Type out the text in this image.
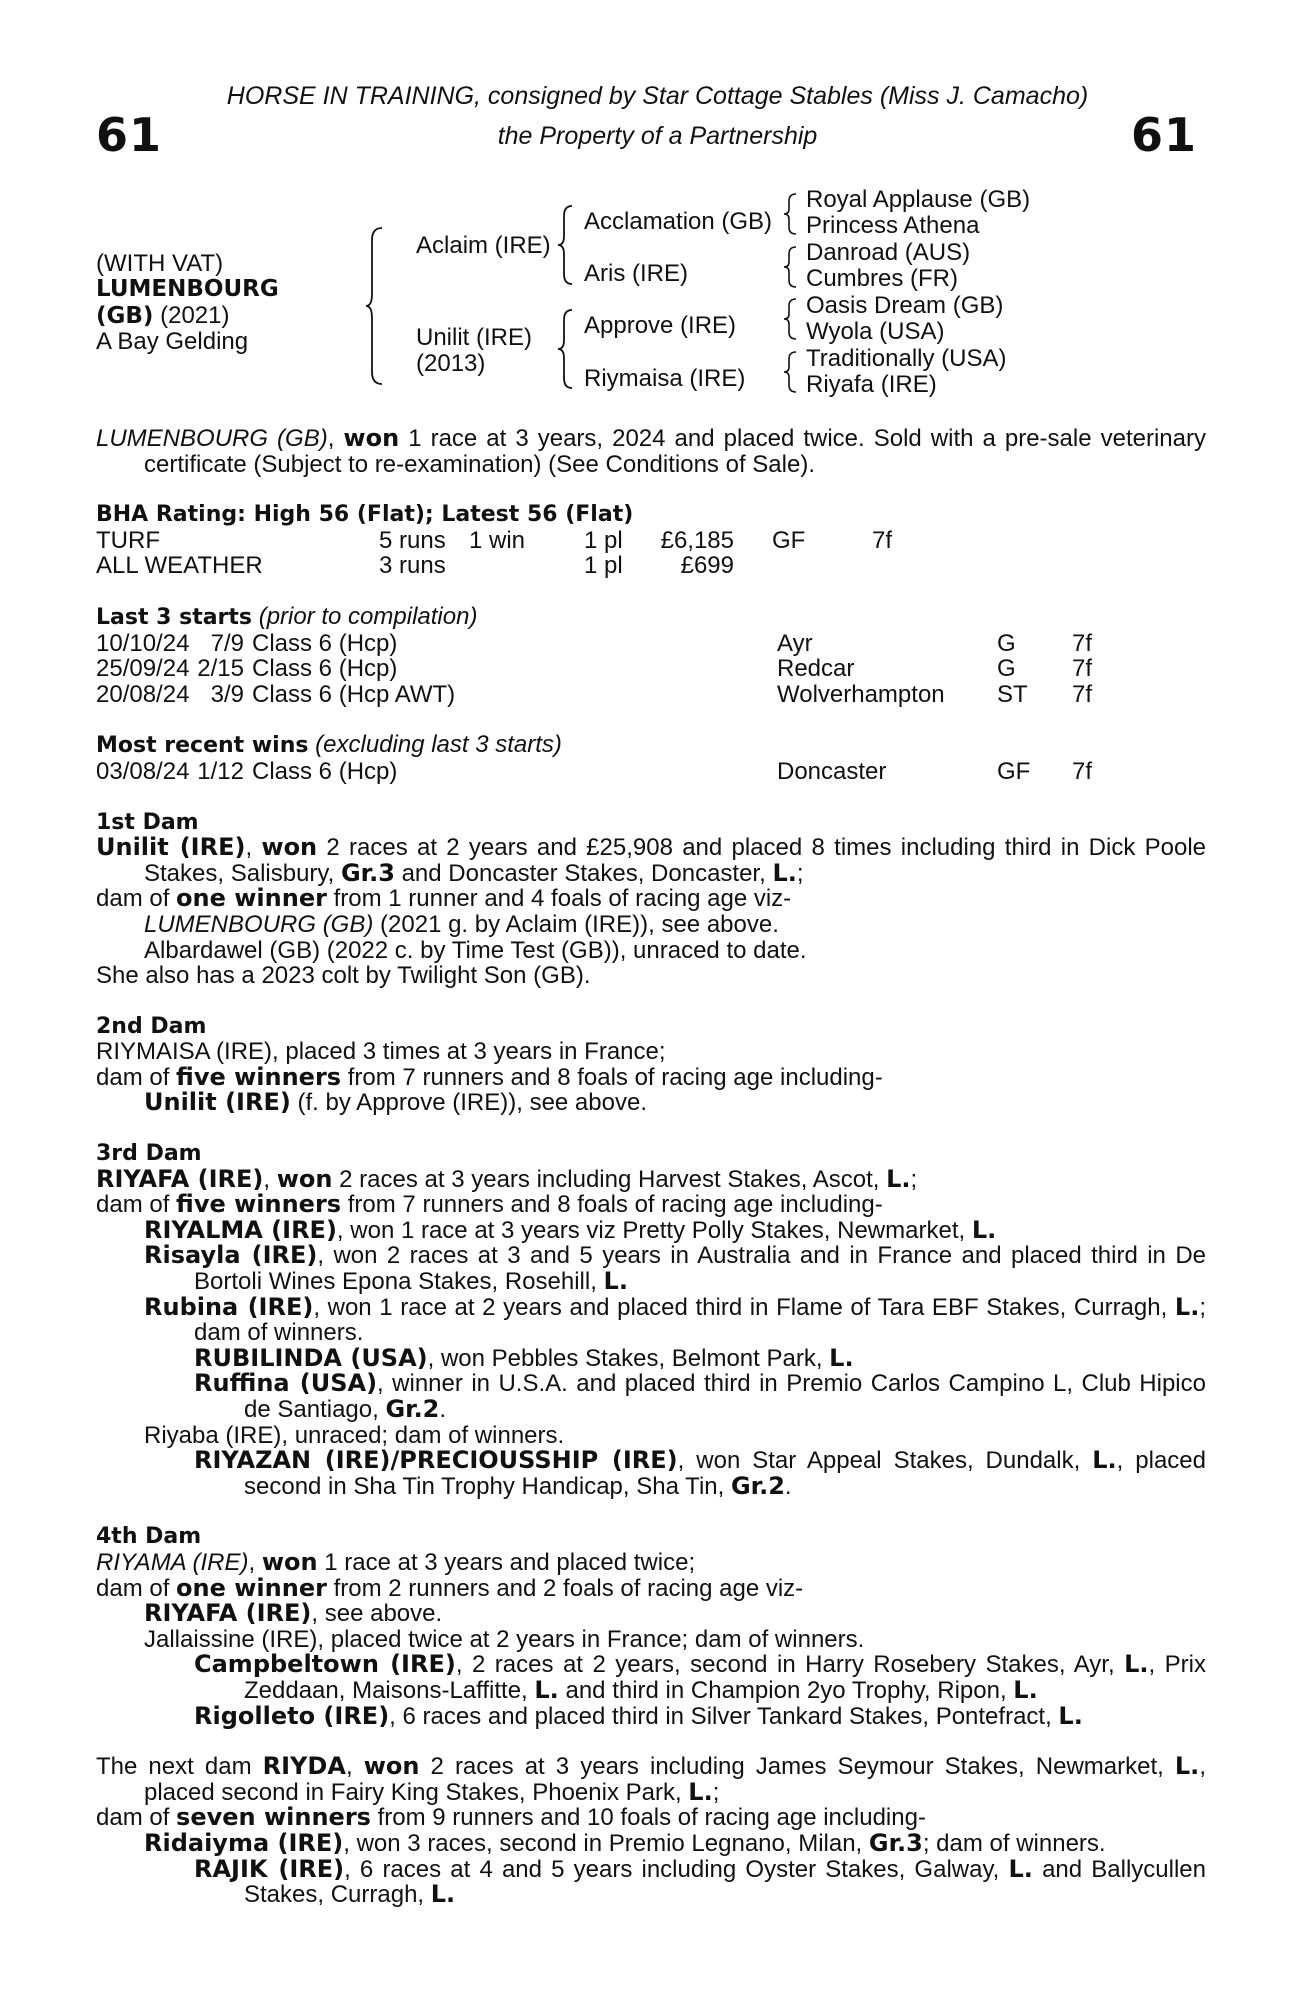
61	61
HORSE IN TRAINING, consigned by Star Cottage Stables (Miss J. Camacho)
the Property of a Partnership
(WITH VAT)
LUMENBOURG
(GB) (2021)
A Bay Gelding
Aclaim (IRE)
Unilit (IRE)
(2013)
Acclamation (GB)
Aris (IRE)
Approve (IRE)
Riymaisa (IRE)
Royal Applause (GB)
Princess Athena
Danroad (AUS)
Cumbres (FR)
Oasis Dream (GB)
Wyola (USA)
Traditionally (USA)
Riyafa (IRE)

LUMENBOURG (GB), won 1 race at 3 years, 2024 and placed twice. Sold with a pre-sale veterinary certificate (Subject to re-examination) (See Conditions of Sale).

BHA Rating: High 56 (Flat); Latest 56 (Flat)
TURF	5 runs	1 win	1 pl	£6,185		GF	7f
ALL WEATHER	3 runs		1 pl	£699			
Last 3 starts (prior to compilation)
10/10/24	7/9	Class 6 (Hcp)	Ayr	G	7f
25/09/24	2/15	Class 6 (Hcp)	Redcar	G	7f
20/08/24	3/9	Class 6 (Hcp AWT)	Wolverhampton	ST	7f
Most recent wins (excluding last 3 starts)
03/08/24	1/12	Class 6 (Hcp)	Doncaster	GF	7f
1st Dam

Unilit (IRE), won 2 races at 2 years and £25,908 and placed 8 times including third in Dick Poole Stakes, Salisbury, Gr.3 and Doncaster Stakes, Doncaster, L.;

dam of one winner from 1 runner and 4 foals of racing age viz-

LUMENBOURG (GB) (2021 g. by Aclaim (IRE)), see above.

Albardawel (GB) (2022 c. by Time Test (GB)), unraced to date.

She also has a 2023 colt by Twilight Son (GB).

2nd Dam

RIYMAISA (IRE), placed 3 times at 3 years in France;

dam of five winners from 7 runners and 8 foals of racing age including-

Unilit (IRE) (f. by Approve (IRE)), see above.

3rd Dam

RIYAFA (IRE), won 2 races at 3 years including Harvest Stakes, Ascot, L.;

dam of five winners from 7 runners and 8 foals of racing age including-

RIYALMA (IRE), won 1 race at 3 years viz Pretty Polly Stakes, Newmarket, L.

Risayla (IRE), won 2 races at 3 and 5 years in Australia and in France and placed third in De Bortoli Wines Epona Stakes, Rosehill, L.

Rubina (IRE), won 1 race at 2 years and placed third in Flame of Tara EBF Stakes, Curragh, L.; dam of winners.

RUBILINDA (USA), won Pebbles Stakes, Belmont Park, L.

Ruffina (USA), winner in U.S.A. and placed third in Premio Carlos Campino L, Club Hipico de Santiago, Gr.2.

Riyaba (IRE), unraced; dam of winners.

RIYAZAN (IRE)/PRECIOUSSHIP (IRE), won Star Appeal Stakes, Dundalk, L., placed second in Sha Tin Trophy Handicap, Sha Tin, Gr.2.

4th Dam

RIYAMA (IRE), won 1 race at 3 years and placed twice;

dam of one winner from 2 runners and 2 foals of racing age viz-

RIYAFA (IRE), see above.

Jallaissine (IRE), placed twice at 2 years in France; dam of winners.

Campbeltown (IRE), 2 races at 2 years, second in Harry Rosebery Stakes, Ayr, L., Prix Zeddaan, Maisons-Laffitte, L. and third in Champion 2yo Trophy, Ripon, L.

Rigolleto (IRE), 6 races and placed third in Silver Tankard Stakes, Pontefract, L.

The next dam RIYDA, won 2 races at 3 years including James Seymour Stakes, Newmarket, L., placed second in Fairy King Stakes, Phoenix Park, L.;

dam of seven winners from 9 runners and 10 foals of racing age including-

Ridaiyma (IRE), won 3 races, second in Premio Legnano, Milan, Gr.3; dam of winners.

RAJIK (IRE), 6 races at 4 and 5 years including Oyster Stakes, Galway, L. and Ballycullen Stakes, Curragh, L.
